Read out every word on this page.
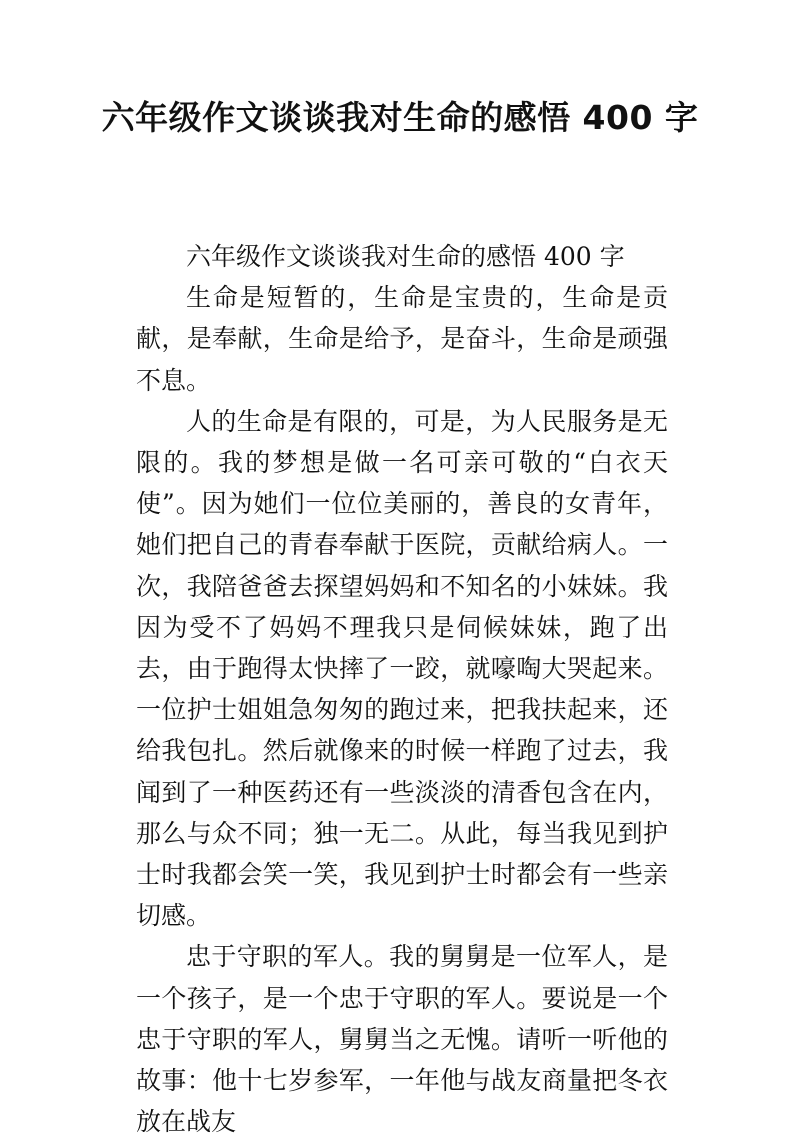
六年级作文谈谈我对生命的感悟 400 字

六年级作文谈谈我对生命的感悟 400 字

生命是短暂的，生命是宝贵的，生命是贡献，是奉献，生命是给予，是奋斗，生命是顽强不息。

人的生命是有限的，可是，为人民服务是无限的。我的梦想是做一名可亲可敬的“白衣天使”。因为她们一位位美丽的，善良的女青年，她们把自己的青春奉献于医院，贡献给病人。一次，我陪爸爸去探望妈妈和不知名的小妹妹。我因为受不了妈妈不理我只是伺候妹妹，跑了出去，由于跑得太快摔了一跤，就嚎啕大哭起来。一位护士姐姐急匆匆的跑过来，把我扶起来，还给我包扎。然后就像来的时候一样跑了过去，我闻到了一种医药还有一些淡淡的清香包含在内，那么与众不同；独一无二。从此，每当我见到护士时我都会笑一笑，我见到护士时都会有一些亲切感。

忠于守职的军人。我的舅舅是一位军人，是一个孩子，是一个忠于守职的军人。要说是一个忠于守职的军人，舅舅当之无愧。请听一听他的故事：他十七岁参军，一年他与战友商量把冬衣放在战友
